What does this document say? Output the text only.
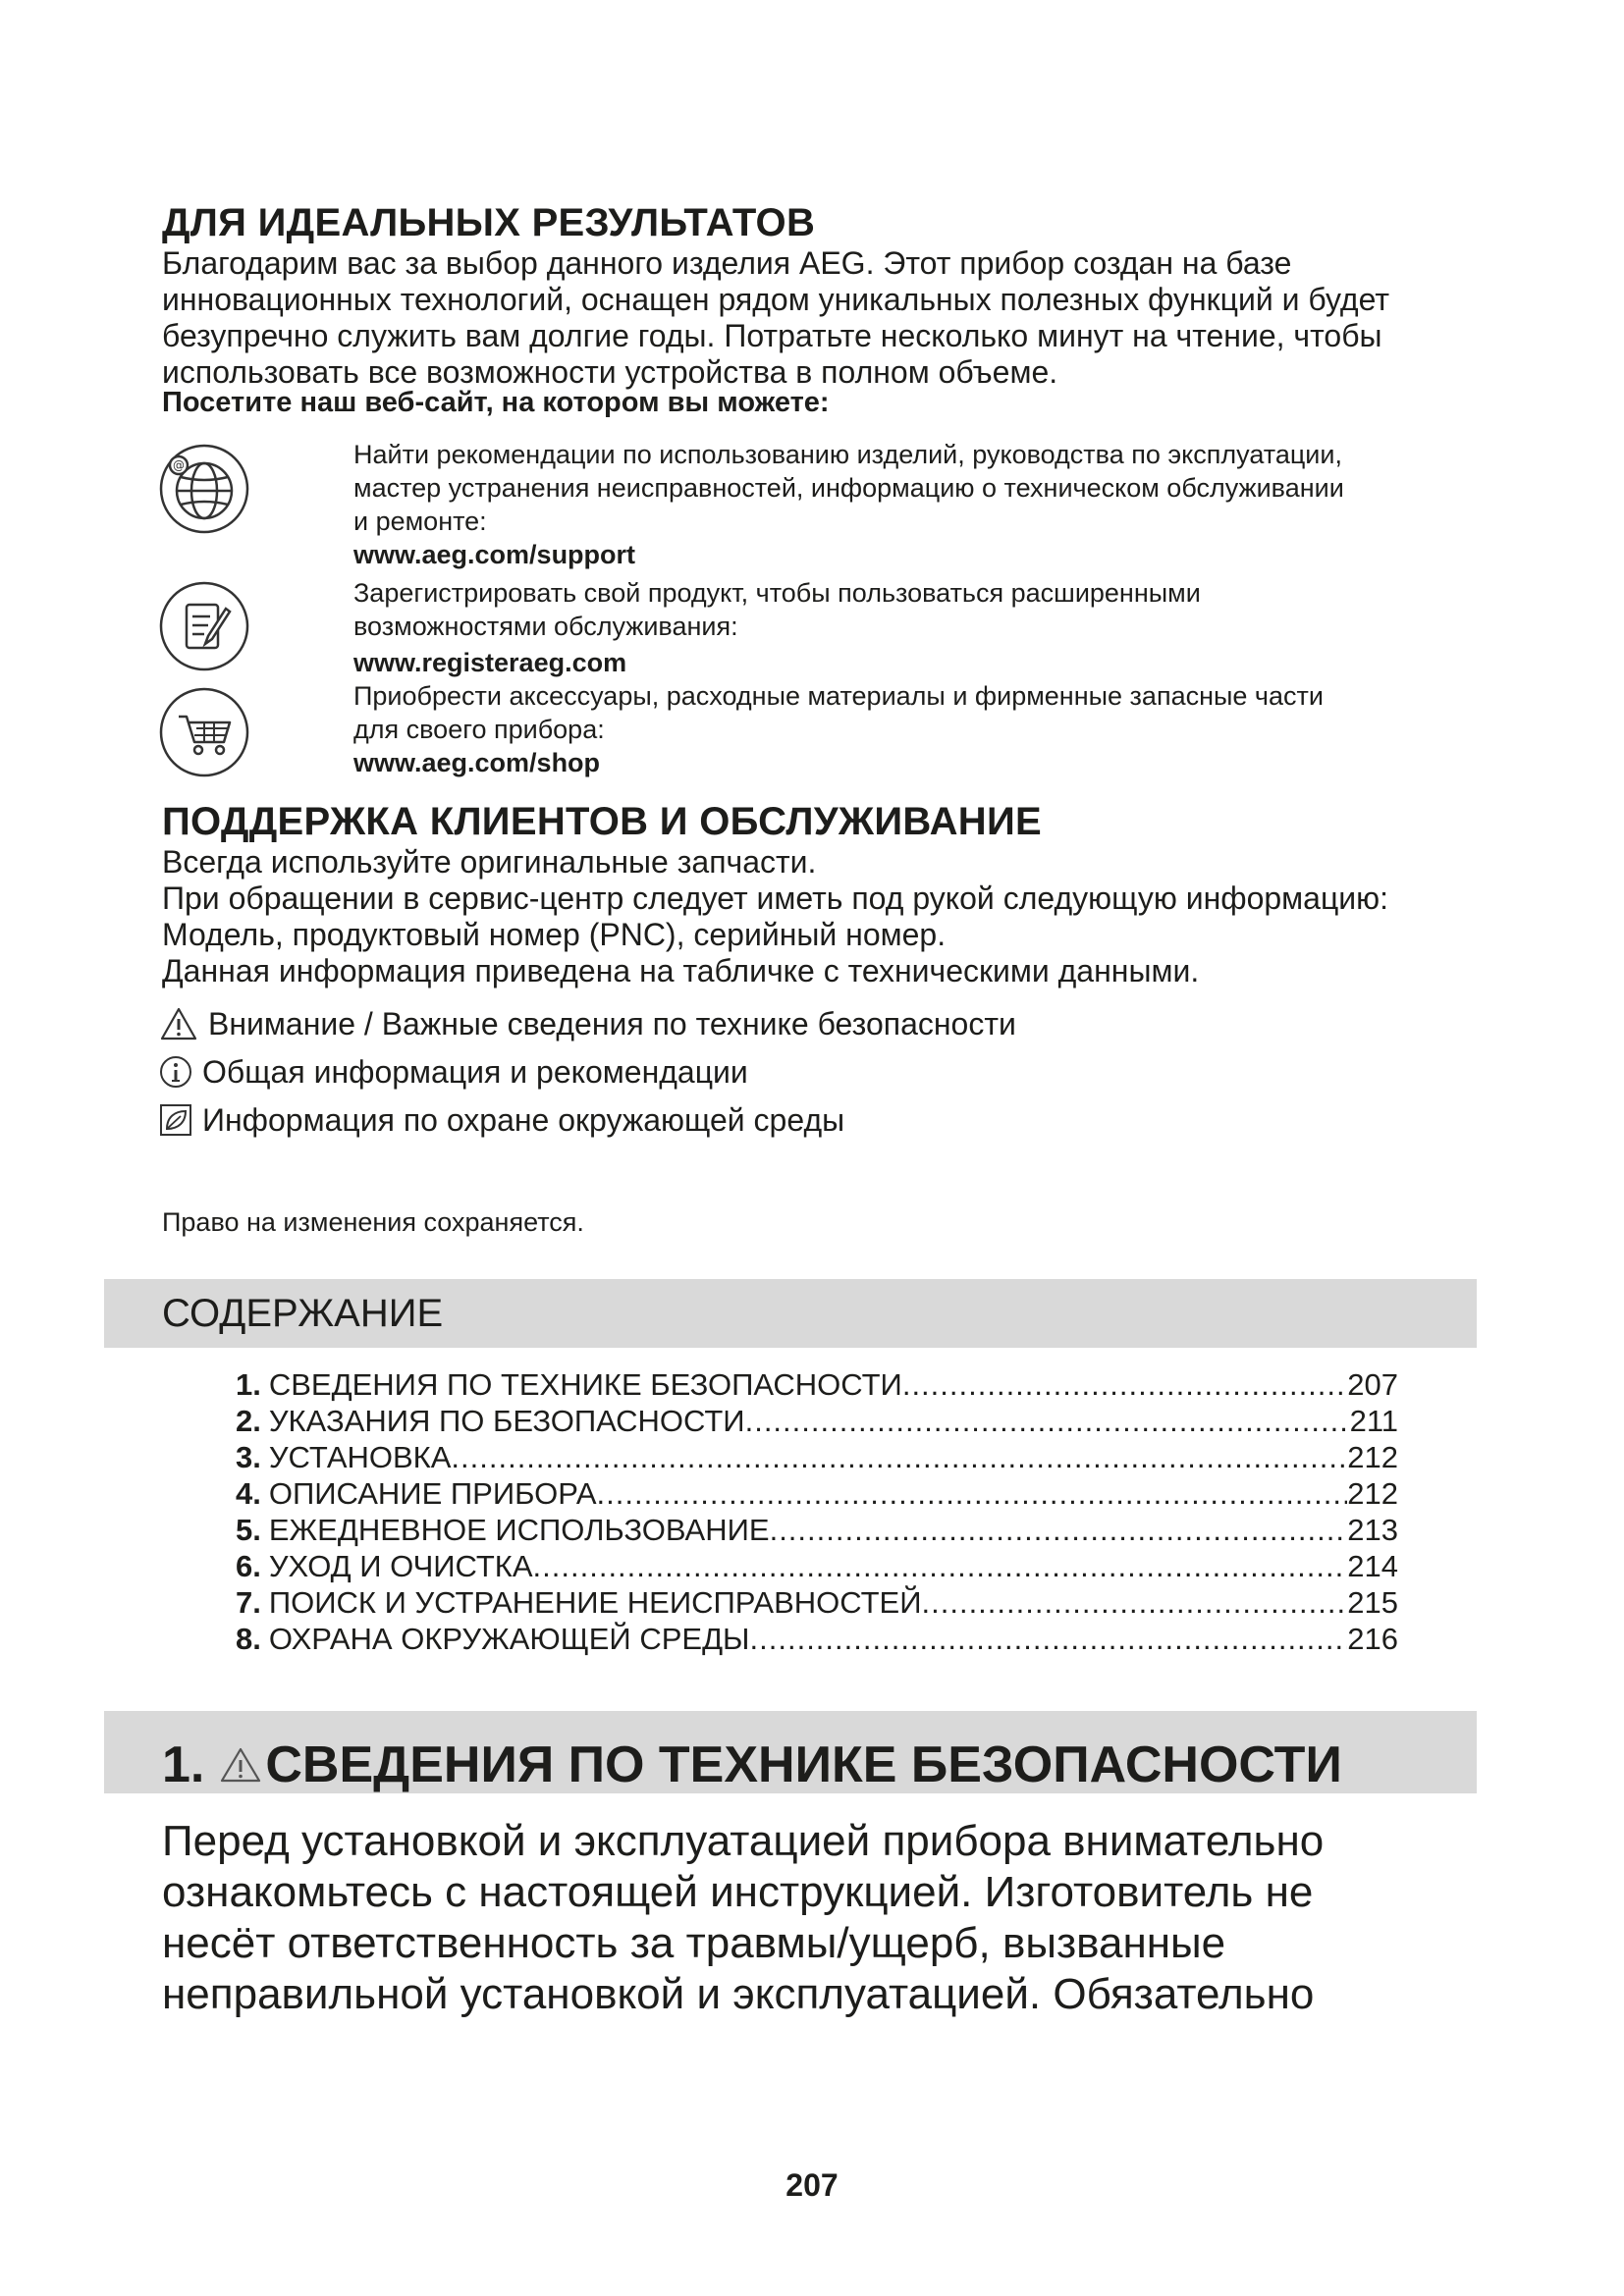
ДЛЯ ИДЕАЛЬНЫХ РЕЗУЛЬТАТОВ

Благодарим вас за выбор данного изделия AEG. Этот прибор создан на базе

инновационных технологий, оснащен рядом уникальных полезных функций и будет

безупречно служить вам долгие годы. Потратьте несколько минут на чтение, чтобы

использовать все возможности устройства в полном объеме.

Посетите наш веб-сайт, на котором вы можете:
@	Найти рекомендации по использованию изделий, руководства по эксплуатации,

мастер устранения неисправностей, информацию о техническом обслуживании

и ремонте:

www.aeg.com/support

Зарегистрировать свой продукт, чтобы пользоваться расширенными

возможностями обслуживания:

www.registeraeg.com

Приобрести аксессуары, расходные материалы и фирменные запасные части

для своего прибора:

www.aeg.com/shop

ПОДДЕРЖКА КЛИЕНТОВ И ОБСЛУЖИВАНИЕ

Всегда используйте оригинальные запчасти.

При обращении в сервис-центр следует иметь под рукой следующую информацию:

Модель, продуктовый номер (PNC), серийный номер.

Данная информация приведена на табличке с техническими данными.

Внимание / Важные сведения по технике безопасности
Общая информация и рекомендации
Информация по охране окружающей среды
Право на изменения сохраняется.
СОДЕРЖАНИЕ
1. СВЕДЕНИЯ ПО ТЕХНИКЕ БЕЗОПАСНОСТИ .....	207
2. УКАЗАНИЯ ПО БЕЗОПАСНОСТИ .....	211
3. УСТАНОВКА .....	212
4. ОПИСАНИЕ ПРИБОРА .....	212
5. ЕЖЕДНЕВНОЕ ИСПОЛЬЗОВАНИЕ .....	213
6. УХОД И ОЧИСТКА .....	214
7. ПОИСК И УСТРАНЕНИЕ НЕИСПРАВНОСТЕЙ .....	215
8. ОХРАНА ОКРУЖАЮЩЕЙ СРЕДЫ .....	216
1. СВЕДЕНИЯ ПО ТЕХНИКЕ БЕЗОПАСНОСТИ

Перед установкой и эксплуатацией прибора внимательно

ознакомьтесь с настоящей инструкцией. Изготовитель не

несёт ответственность за травмы/ущерб, вызванные

неправильной установкой и эксплуатацией. Обязательно

207
